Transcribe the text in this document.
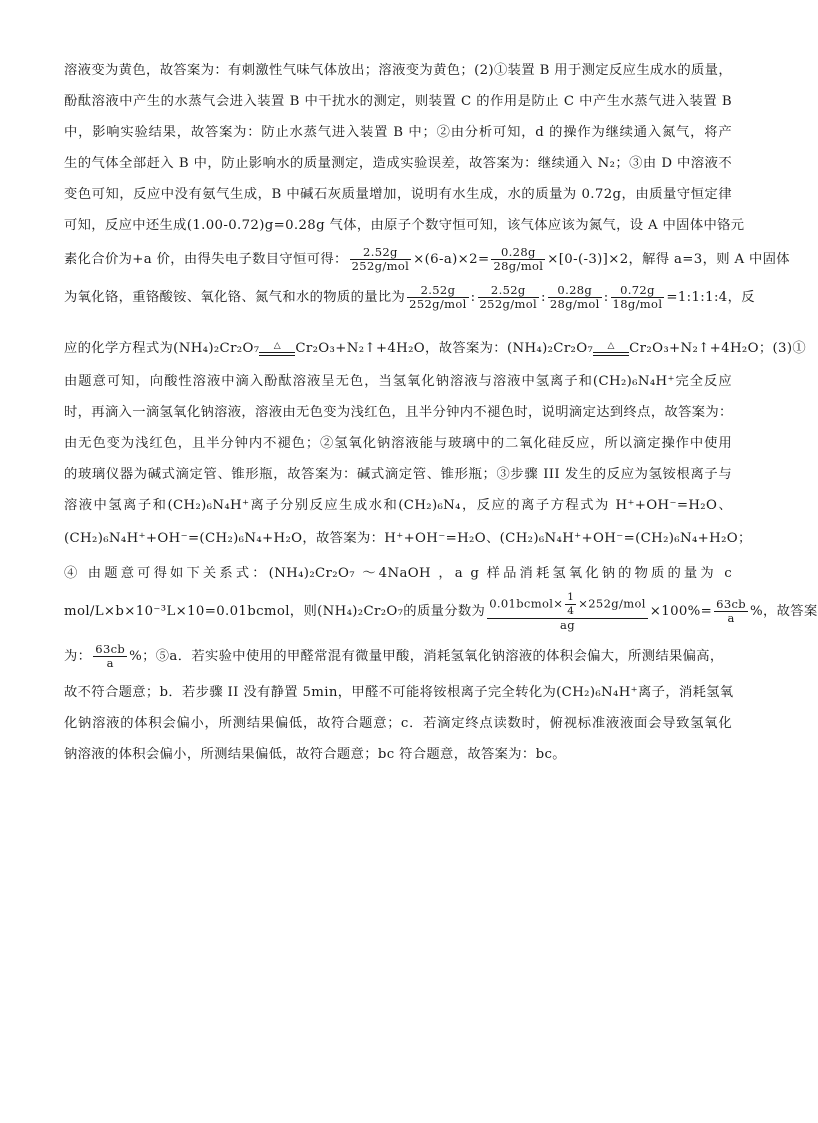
溶液变为黄色，故答案为：有刺激性气味气体放出；溶液变为黄色；(2)①装置 B 用于测定反应生成水的质量，
酚酞溶液中产生的水蒸气会进入装置 B 中干扰水的测定，则装置 C 的作用是防止 C 中产生水蒸气进入装置 B
中，影响实验结果，故答案为：防止水蒸气进入装置 B 中；②由分析可知，d 的操作为继续通入氮气，将产
生的气体全部赶入 B 中，防止影响水的质量测定，造成实验误差，故答案为：继续通入 N₂；③由 D 中溶液不
变色可知，反应中没有氨气生成，B 中碱石灰质量增加，说明有水生成，水的质量为 0.72g，由质量守恒定律
可知，反应中还生成(1.00-0.72)g=0.28g 气体，由原子个数守恒可知，该气体应该为氮气，设 A 中固体中铬元
素化合价为+a 价，由得失电子数目守恒可得： $\frac{2.52g}{\text{252g/mol}} \times(6-a)\times 2= \frac{0.28g}{\text{28g/mol}} \times[0-(-3)]\times 2$，解得 a=3，则 A 中固体
为氧化铬，重铬酸铵、氧化铬、氮气和水的物质的量比为 $\frac{2.52g}{\text{252g/mol}}$ : $\frac{2.52g}{\text{252g/mol}}$ : $\frac{0.28g}{\text{28g/mol}}$ : $\frac{0.72g}{\text{18g/mol}}$ =1:1:1:4，反
应的化学方程式为(NH₄)₂Cr₂O₇	△	Cr₂O₃+N₂↑+4H₂O，故答案为：(NH₄)₂Cr₂O₇	△	Cr₂O₃+N₂↑+4H₂O；(3)①
由题意可知，向酸性溶液中滴入酚酞溶液呈无色，当氢氧化钠溶液与溶液中氢离子和(CH₂)₆N₄H⁺完全反应
时，再滴入一滴氢氧化钠溶液，溶液由无色变为浅红色，且半分钟内不褪色时，说明滴定达到终点，故答案为：
由无色变为浅红色，且半分钟内不褪色；②氢氧化钠溶液能与玻璃中的二氧化硅反应，所以滴定操作中使用
的玻璃仪器为碱式滴定管、锥形瓶，故答案为：碱式滴定管、锥形瓶；③步骤 III 发生的反应为氢铵根离子与
溶液中氢离子和(CH₂)₆N₄H⁺离子分别反应生成水和(CH₂)₆N₄，反应的离子方程式为 H⁺+OH⁻=H₂O、
(CH₂)₆N₄H⁺+OH⁻=(CH₂)₆N₄+H₂O，故答案为：H⁺+OH⁻=H₂O、(CH₂)₆N₄H⁺+OH⁻=(CH₂)₆N₄+H₂O；
④ 由题意可得如下关系式：(NH₄)₂Cr₂O₇ ～4NaOH ，a g 样品消耗氢氧化钠的物质的量为 c
mol/L×b×10⁻³L×10=0.01bcmol，则(NH₄)₂Cr₂O₇的质量分数为 $\frac{0.01bcmol\times \frac{1}{4} \times 252g/mol}{ag} \times 100\%= \frac{63cb}{a}$ %，故答案
为： $\frac{63cb}{a}$ %；⑤a．若实验中使用的甲醛常混有微量甲酸，消耗氢氧化钠溶液的体积会偏大，所测结果偏高，
故不符合题意；b．若步骤 II 没有静置 5min，甲醛不可能将铵根离子完全转化为(CH₂)₆N₄H⁺离子，消耗氢氧
化钠溶液的体积会偏小，所测结果偏低，故符合题意；c．若滴定终点读数时，俯视标准液液面会导致氢氧化
钠溶液的体积会偏小，所测结果偏低，故符合题意；bc 符合题意，故答案为：bc。
